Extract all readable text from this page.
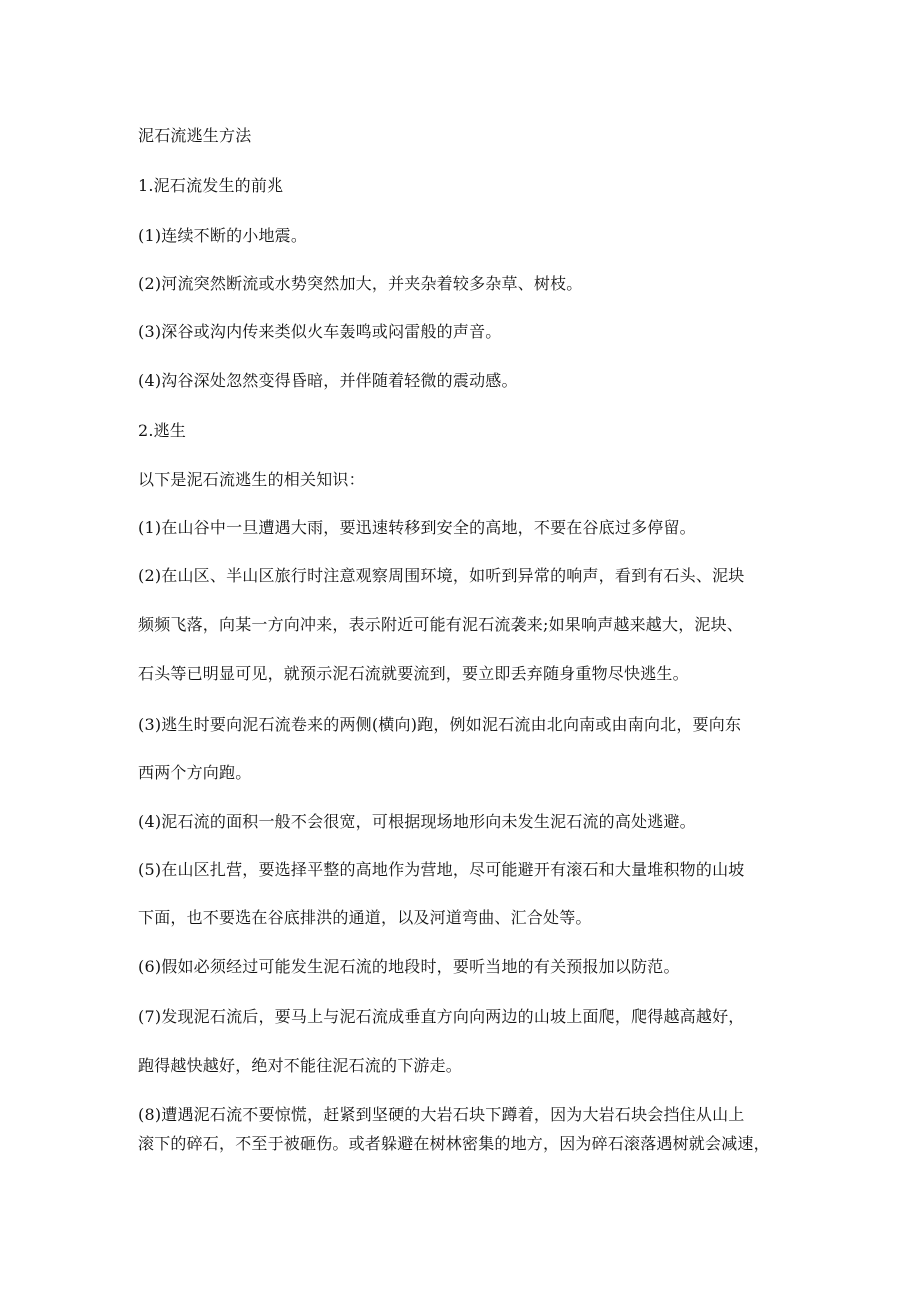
泥石流逃生方法
1.泥石流发生的前兆
(1)连续不断的小地震。
(2)河流突然断流或水势突然加大，并夹杂着较多杂草、树枝。
(3)深谷或沟内传来类似火车轰鸣或闷雷般的声音。
(4)沟谷深处忽然变得昏暗，并伴随着轻微的震动感。
2.逃生
以下是泥石流逃生的相关知识：
(1)在山谷中一旦遭遇大雨，要迅速转移到安全的高地，不要在谷底过多停留。
(2)在山区、半山区旅行时注意观察周围环境，如听到异常的响声，看到有石头、泥块
频频飞落，向某一方向冲来，表示附近可能有泥石流袭来;如果响声越来越大，泥块、
石头等已明显可见，就预示泥石流就要流到，要立即丢弃随身重物尽快逃生。
(3)逃生时要向泥石流卷来的两侧(横向)跑，例如泥石流由北向南或由南向北，要向东
西两个方向跑。
(4)泥石流的面积一般不会很宽，可根据现场地形向未发生泥石流的高处逃避。
(5)在山区扎营，要选择平整的高地作为营地，尽可能避开有滚石和大量堆积物的山坡
下面，也不要选在谷底排洪的通道，以及河道弯曲、汇合处等。
(6)假如必须经过可能发生泥石流的地段时，要听当地的有关预报加以防范。
(7)发现泥石流后，要马上与泥石流成垂直方向向两边的山坡上面爬，爬得越高越好，
跑得越快越好，绝对不能往泥石流的下游走。
(8)遭遇泥石流不要惊慌，赶紧到坚硬的大岩石块下蹲着，因为大岩石块会挡住从山上
滚下的碎石，不至于被砸伤。或者躲避在树林密集的地方，因为碎石滚落遇树就会减速，
